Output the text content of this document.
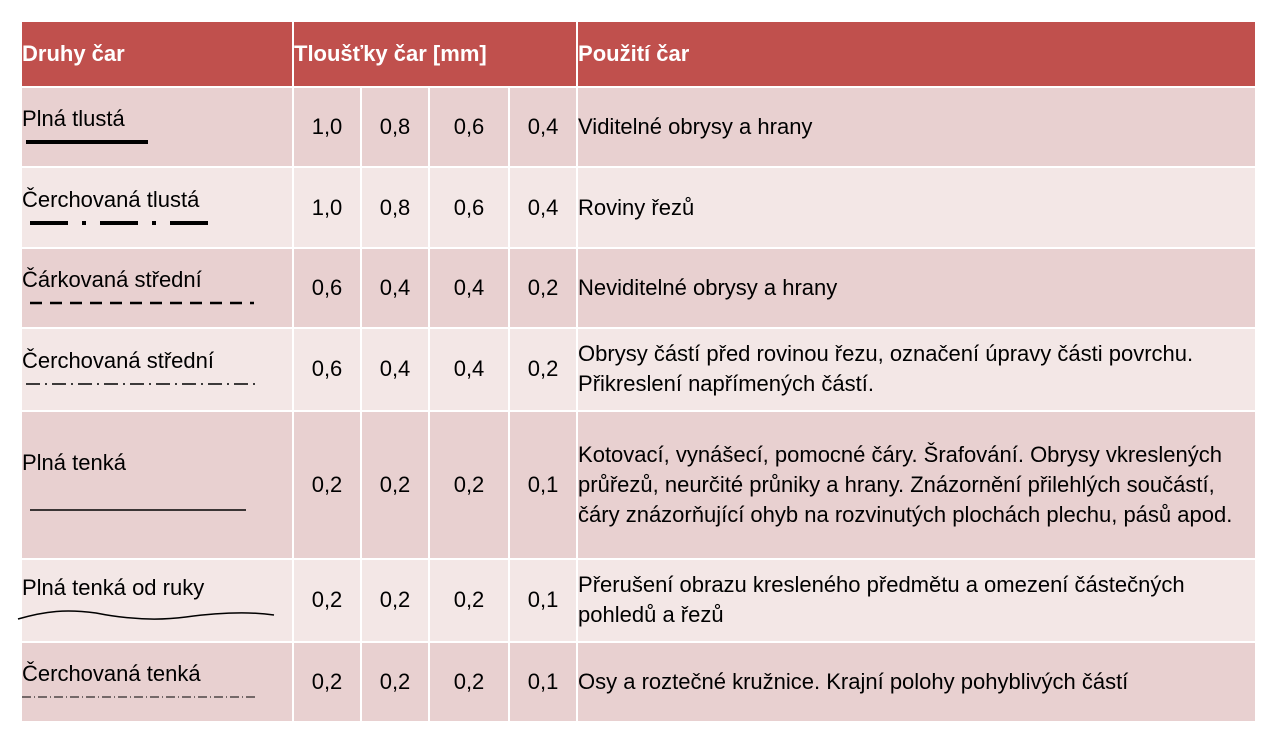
Druhy čar	Tloušťky čar [mm]				Použití čar

Plná tlustá	1,0	0,8	0,6	0,4	Viditelné obrysy a hrany

Čerchovaná tlustá	1,0	0,8	0,6	0,4	Roviny řezů

Čárkovaná střední	0,6	0,4	0,4	0,2	Neviditelné obrysy a hrany

Čerchovaná střední	0,6	0,4	0,4	0,2	Obrysy částí před rovinou řezu, označení úpravy části povrchu. Přikreslení napřímených částí.

Plná tenká	0,2	0,2	0,2	0,1	Kotovací, vynášecí, pomocné čáry. Šrafování. Obrysy vkreslených průřezů, neurčité průniky a hrany. Znázornění přilehlých součástí, čáry znázorňující ohyb na rozvinutých plochách plechu, pásů apod.

Plná tenká od ruky	0,2	0,2	0,2	0,1	Přerušení obrazu kresleného předmětu a omezení částečných pohledů a řezů

Čerchovaná tenká	0,2	0,2	0,2	0,1	Osy a roztečné kružnice. Krajní polohy pohyblivých částí
